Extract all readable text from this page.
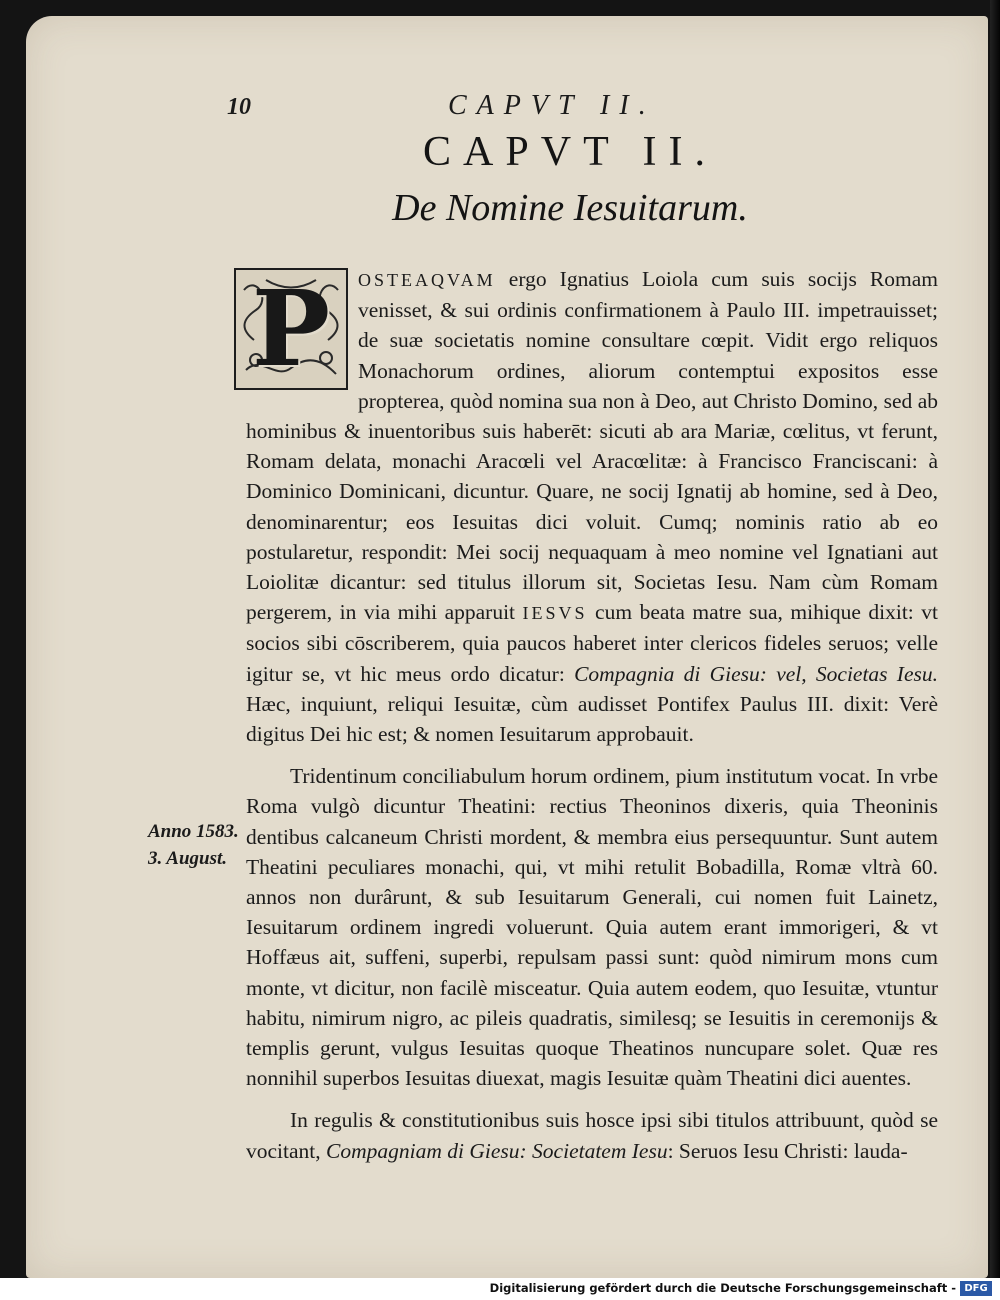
10	CAPVT II.
CAPVT II.
De Nomine Iesuitarum.
Anno 1583.
3. August.

P	OSTEAQVAM ergo Ignatius Loiola cum suis socijs Romam venisset, & sui ordinis confirmationem à Paulo III. impetrauisset; de suæ societatis nomine consultare cœpit. Vidit ergo reliquos Monachorum ordines, aliorum contemptui expositos esse propterea, quòd nomina sua non à Deo, aut Christo Domino, sed ab hominibus & inuentoribus suis haberēt: sicuti ab ara Mariæ, cœlitus, vt ferunt, Romam delata, monachi Aracœli vel Aracœlitæ: à Francisco Franciscani: à Dominico Dominicani, dicuntur. Quare, ne socij Ignatij ab homine, sed à Deo, denominarentur; eos Iesuitas dici voluit. Cumq; nominis ratio ab eo postularetur, respondit: Mei socij nequaquam à meo nomine vel Ignatiani aut Loiolitæ dicantur: sed titulus illorum sit, Societas Iesu. Nam cùm Romam pergerem, in via mihi apparuit IESVS cum beata matre sua, mihique dixit: vt socios sibi cōscriberem, quia paucos haberet inter clericos fideles seruos; velle igitur se, vt hic meus ordo dicatur: Compagnia di Giesu: vel, Societas Iesu. Hæc, inquiunt, reliqui Iesuitæ, cùm audisset Pontifex Paulus III. dixit: Verè digitus Dei hic est; & nomen Iesuitarum approbauit.

Tridentinum conciliabulum horum ordinem, pium institutum vocat. In vrbe Roma vulgò dicuntur Theatini: rectius Theoninos dixeris, quia Theoninis dentibus calcaneum Christi mordent, & membra eius persequuntur. Sunt autem Theatini peculiares monachi, qui, vt mihi retulit Bobadilla, Romæ vltrà 60. annos non durârunt, & sub Iesuitarum Generali, cui nomen fuit Lainetz, Iesuitarum ordinem ingredi voluerunt. Quia autem erant immorigeri, & vt Hoffæus ait, suffeni, superbi, repulsam passi sunt: quòd nimirum mons cum monte, vt dicitur, non facilè misceatur. Quia autem eodem, quo Iesuitæ, vtuntur habitu, nimirum nigro, ac pileis quadratis, similesq; se Iesuitis in ceremonijs & templis gerunt, vulgus Iesuitas quoque Theatinos nuncupare solet. Quæ res nonnihil superbos Iesuitas diuexat, magis Iesuitæ quàm Theatini dici auentes.

In regulis & constitutionibus suis hosce ipsi sibi titulos attribuunt, quòd se vocitant, Compagniam di Giesu: Societatem Iesu: Seruos Iesu Christi: lauda-

Digitalisierung gefördert durch die Deutsche Forschungsgemeinschaft - DFG
